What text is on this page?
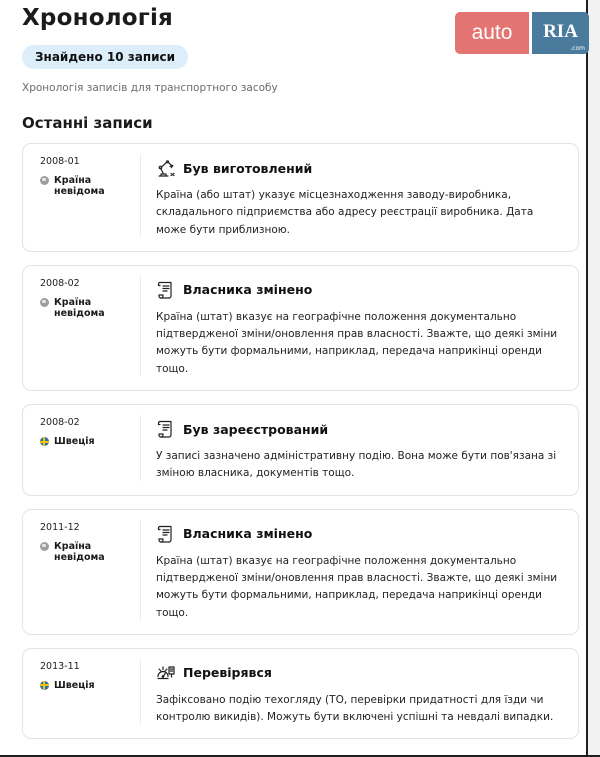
Хронологія
Знайдено 10 записи
Хронологія записів для транспортного засобу
Останні записи
auto	RIA
.com
2008-01
Країна невідома
Був виготовлений
Країна (або штат) указує місцезнаходження заводу-виробника, складального підприємства або адресу реєстрації виробника. Дата може бути приблизною.
2008-02
Країна невідома
Власника змінено
Країна (штат) вказує на географічне положення документально підтвердженої зміни/оновлення прав власності. Зважте, що деякі зміни можуть бути формальними, наприклад, передача наприкінці оренди тощо.
2008-02
Швеція
Був зареєстрований
У записі зазначено адміністративну подію. Вона може бути пов'язана зі зміною власника, документів тощо.
2011-12
Країна невідома
Власника змінено
Країна (штат) вказує на географічне положення документально підтвердженої зміни/оновлення прав власності. Зважте, що деякі зміни можуть бути формальними, наприклад, передача наприкінці оренди тощо.
2013-11
Швеція
Перевірявся
Зафіксовано подію техогляду (ТО, перевірки придатності для їзди чи контролю викидів). Можуть бути включені успішні та невдалі випадки.
